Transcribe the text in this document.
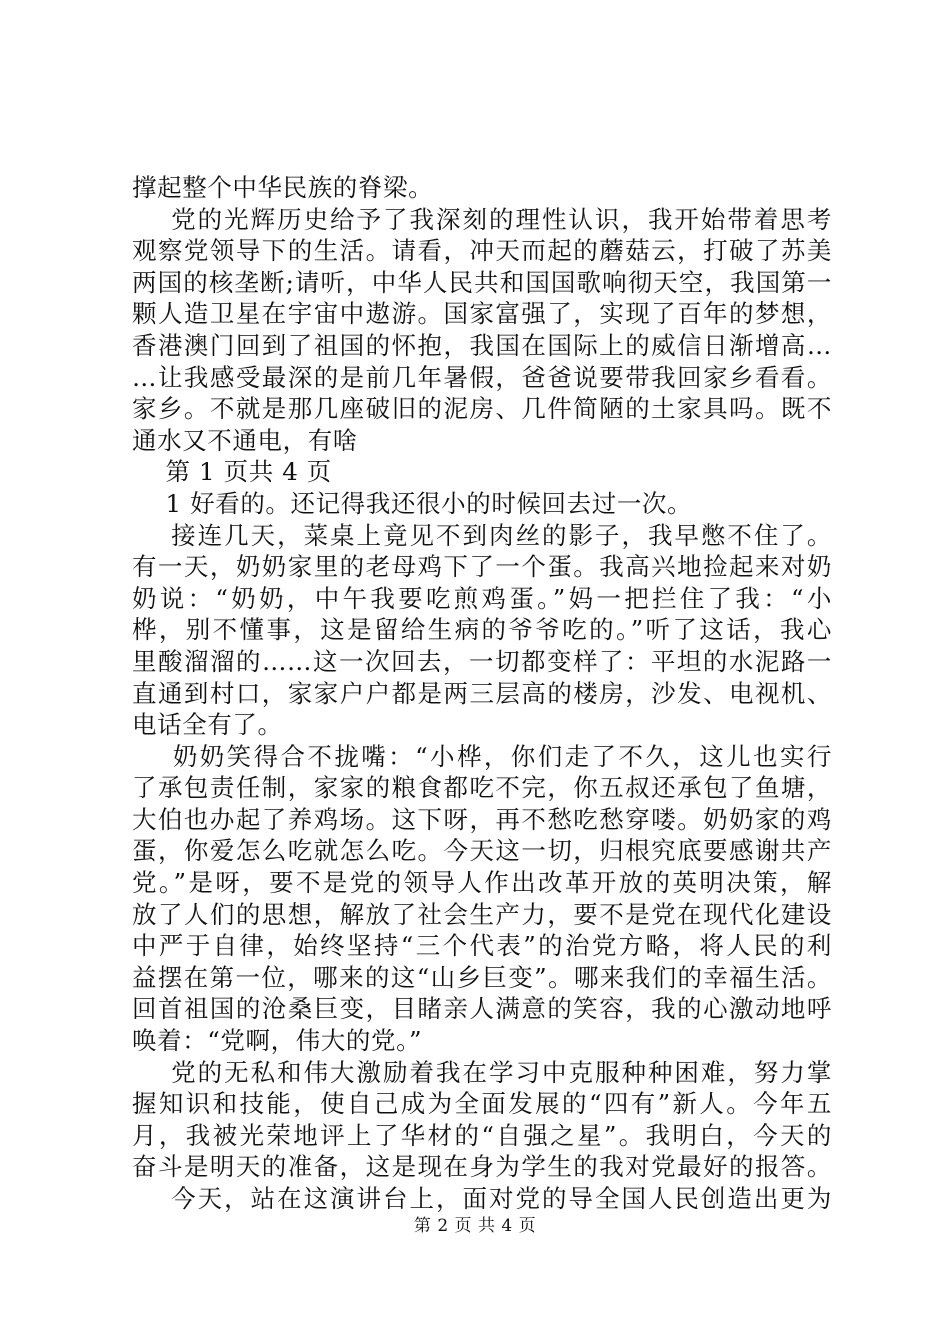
撑起整个中华民族的脊梁。
党的光辉历史给予了我深刻的理性认识，我开始带着思考
观察党领导下的生活。请看，冲天而起的蘑菇云，打破了苏美
两国的核垄断;请听，中华人民共和国国歌响彻天空，我国第一
颗人造卫星在宇宙中遨游。国家富强了，实现了百年的梦想，
香港澳门回到了祖国的怀抱，我国在国际上的威信日渐增高…
…让我感受最深的是前几年暑假，爸爸说要带我回家乡看看。
家乡。不就是那几座破旧的泥房、几件简陋的土家具吗。既不
通水又不通电，有啥
第 1 页共 4 页
1 好看的。还记得我还很小的时候回去过一次。
接连几天，菜桌上竟见不到肉丝的影子，我早憋不住了。
有一天，奶奶家里的老母鸡下了一个蛋。我高兴地捡起来对奶
奶说：“奶奶，中午我要吃煎鸡蛋。”妈一把拦住了我：“小
桦，别不懂事，这是留给生病的爷爷吃的。”听了这话，我心
里酸溜溜的……这一次回去，一切都变样了：平坦的水泥路一
直通到村口，家家户户都是两三层高的楼房，沙发、电视机、
电话全有了。
奶奶笑得合不拢嘴：“小桦，你们走了不久，这儿也实行
了承包责任制，家家的粮食都吃不完，你五叔还承包了鱼塘，
大伯也办起了养鸡场。这下呀，再不愁吃愁穿喽。奶奶家的鸡
蛋，你爱怎么吃就怎么吃。今天这一切，归根究底要感谢共产
党。”是呀，要不是党的领导人作出改革开放的英明决策，解
放了人们的思想，解放了社会生产力，要不是党在现代化建设
中严于自律，始终坚持“三个代表”的治党方略，将人民的利
益摆在第一位，哪来的这“山乡巨变”。哪来我们的幸福生活。
回首祖国的沧桑巨变，目睹亲人满意的笑容，我的心激动地呼
唤着：“党啊，伟大的党。”
党的无私和伟大激励着我在学习中克服种种困难，努力掌
握知识和技能，使自己成为全面发展的“四有”新人。今年五
月，我被光荣地评上了华材的“自强之星”。我明白，今天的
奋斗是明天的准备，这是现在身为学生的我对党最好的报答。
今天，站在这演讲台上，面对党的导全国人民创造出更为
第 2 页 共 4 页
